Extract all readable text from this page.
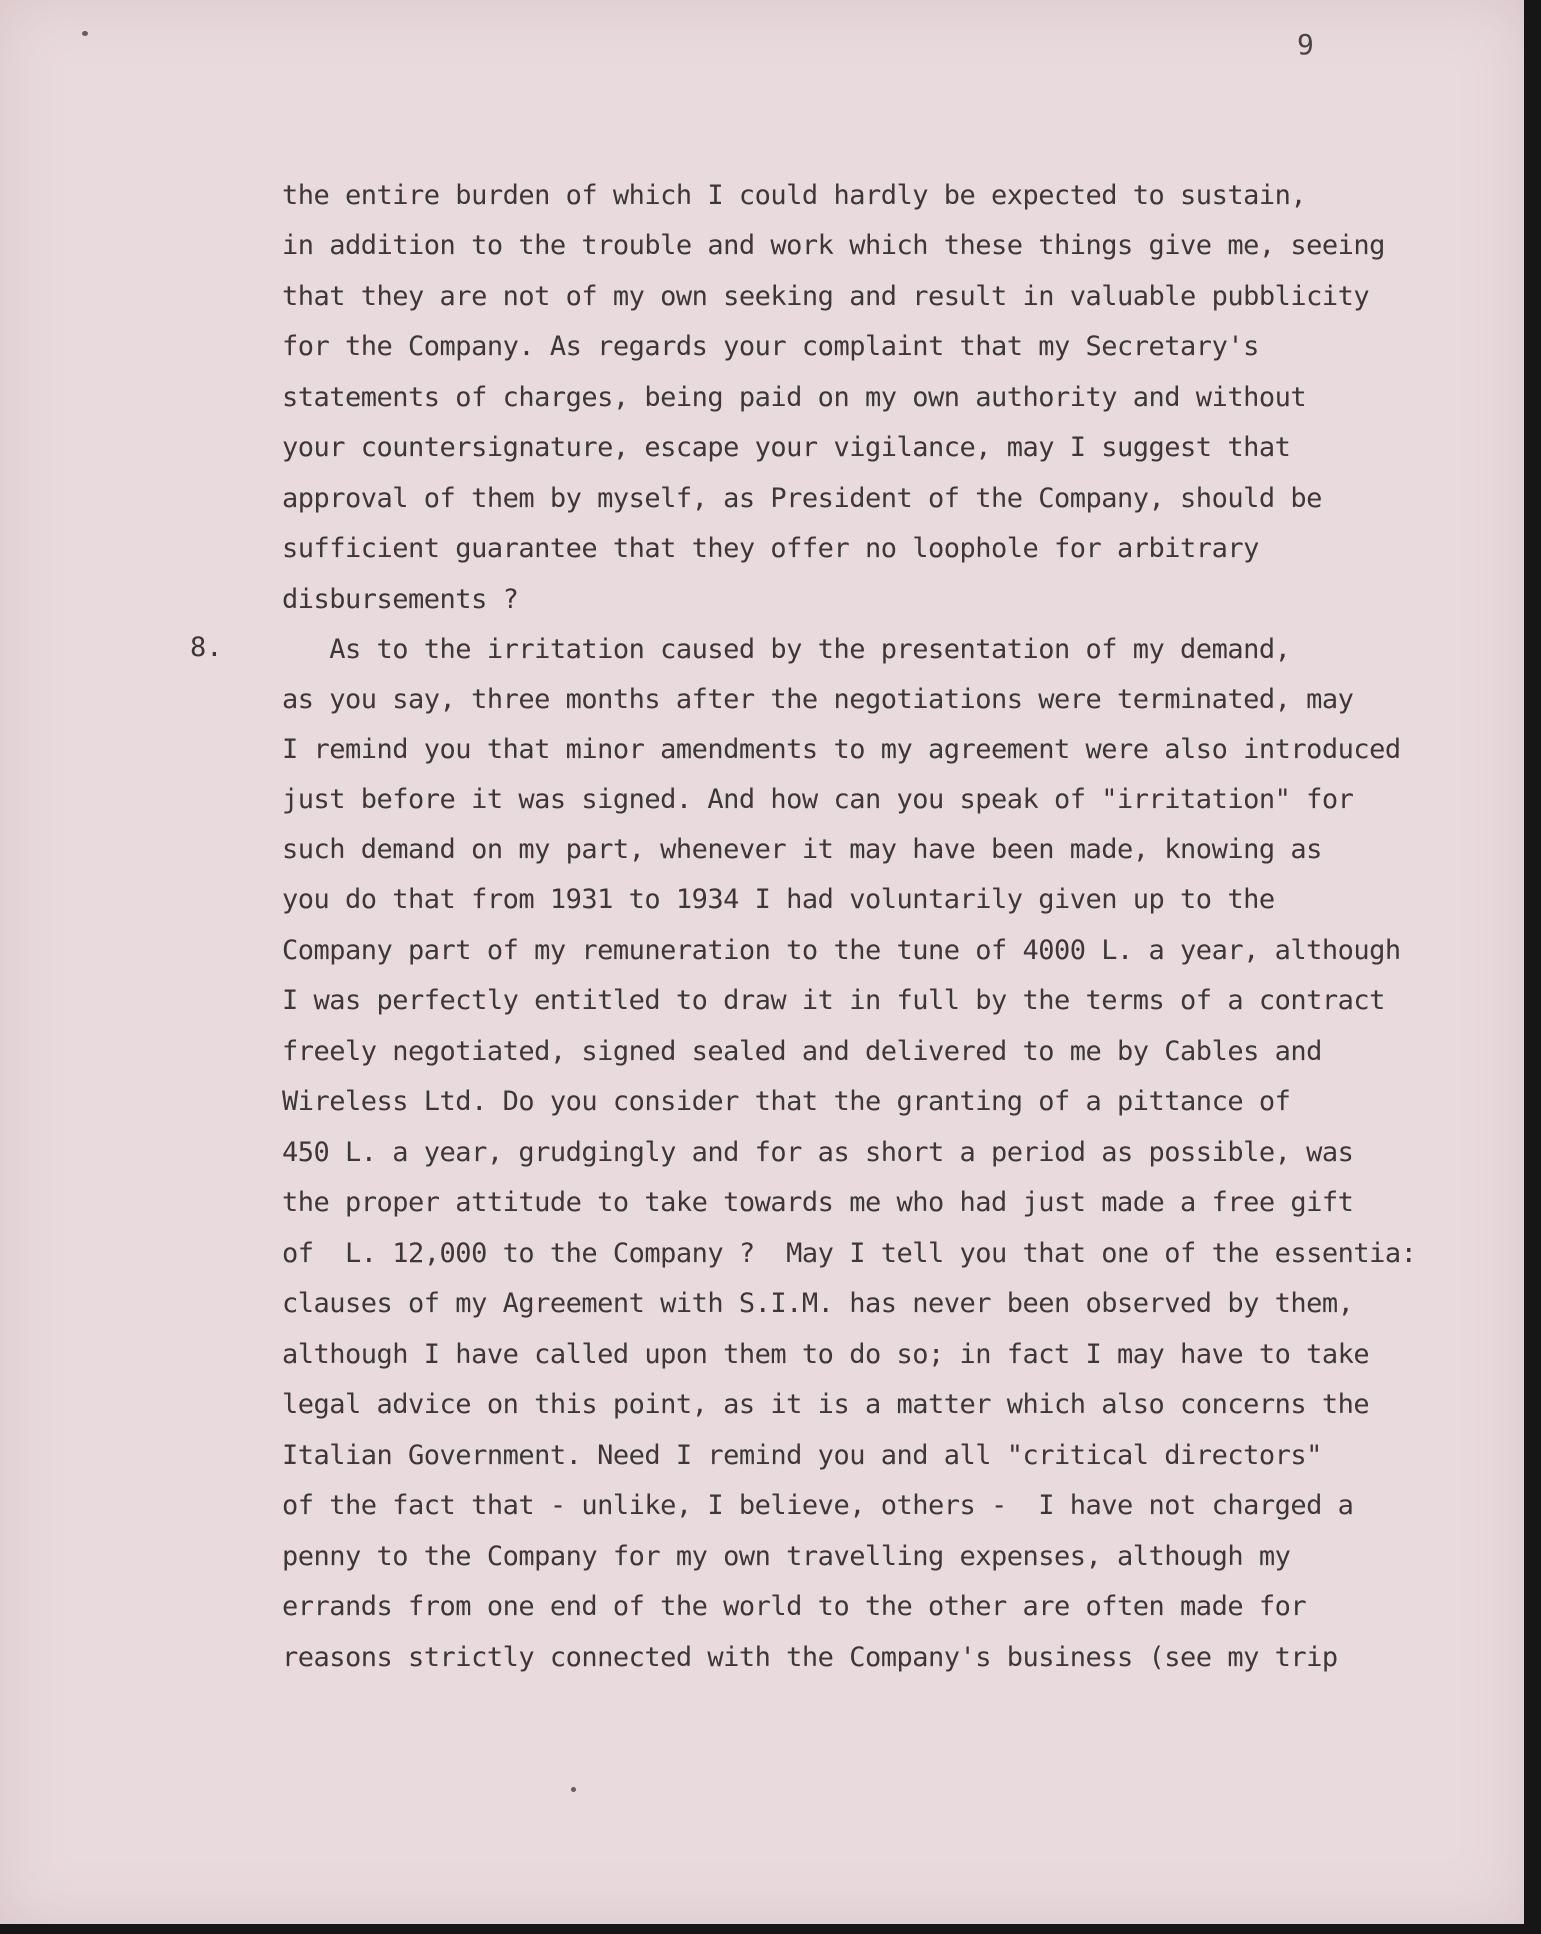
9
8.
the entire burden of which I could hardly be expected to sustain,
in addition to the trouble and work which these things give me, seeing
that they are not of my own seeking and result in valuable pubblicity
for the Company. As regards your complaint that my Secretary's
statements of charges, being paid on my own authority and without
your countersignature, escape your vigilance, may I suggest that
approval of them by myself, as President of the Company, should be
sufficient guarantee that they offer no loophole for arbitrary
disbursements ?
As to the irritation caused by the presentation of my demand,
as you say, three months after the negotiations were terminated, may
I remind you that minor amendments to my agreement were also introduced
just before it was signed. And how can you speak of "irritation" for
such demand on my part, whenever it may have been made, knowing as
you do that from 1931 to 1934 I had voluntarily given up to the
Company part of my remuneration to the tune of 4000 L. a year, although
I was perfectly entitled to draw it in full by the terms of a contract
freely negotiated, signed sealed and delivered to me by Cables and
Wireless Ltd. Do you consider that the granting of a pittance of
450 L. a year, grudgingly and for as short a period as possible, was
the proper attitude to take towards me who had just made a free gift
of  L. 12,000 to the Company ?  May I tell you that one of the essentia:
clauses of my Agreement with S.I.M. has never been observed by them,
although I have called upon them to do so; in fact I may have to take
legal advice on this point, as it is a matter which also concerns the
Italian Government. Need I remind you and all "critical directors"
of the fact that - unlike, I believe, others -  I have not charged a
penny to the Company for my own travelling expenses, although my
errands from one end of the world to the other are often made for
reasons strictly connected with the Company's business (see my trip
